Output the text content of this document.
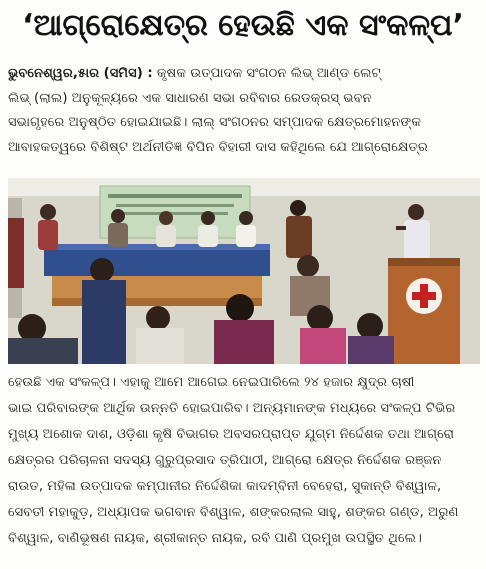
‘ଆଗ୍ରୋକ୍ଷେତ୍ର ହେଉଛି ଏକ ସଂକଳ୍ପ’
ଭୁବନେଶ୍ୱର,୫ାର (ସମିସ) : କୃଷକ ଉତ୍ପାଦକ ସଂଗଠନ ଲିଭ୍ ଆଣ୍ଡ ଲେଟ୍
ଲିଭ୍ (ଲାଲ) ଅନୁକୂଳ୍ୟରେ ଏକ ସାଧାରଣ ସଭା ରବିବାର ରେଡକ୍ରସ୍ ଭବନ
ସଭାଗୃହରେ ଅନୁଷ୍ଠିତ ହୋଇଯାଇଛି। ଲାଲ୍ ସଂଗଠନର ସମ୍ପାଦକ କ୍ଷେତ୍ରମୋହନଙ୍କ
ଆବାହକତ୍ୱରେ ବିଶିଷ୍ଟ ଅର୍ଥନୀତିଜ୍ଞ ବିପିନ ବିହାରୀ ଦାସ କହିଥିଲେ ଯେ ଆଗ୍ରୋକ୍ଷେତ୍ର
ହେଉଛି ଏକ ସଂକଳ୍ପ। ଏହାକୁ ଆମେ ଆଗେଇ ନେଇପାରିଲେ ୨୪ ହଜାର କ୍ଷୁଦ୍ର ଚାଷୀ
ଭାଇ ପରିବାରଙ୍କ ଆର୍ଥିକ ଉନ୍ନତି ହୋଇପାରିବ। ଅନ୍ୟମାନଙ୍କ ମଧ୍ୟରେ ସଂକଳ୍ପ ଟିଭିର
ମୁଖ୍ୟ ଅଶୋକ ଦାଶ, ଓଡ଼ିଶା କୃଷି ବିଭାଗର ଅବସରପ୍ରାପ୍ତ ଯୁଗ୍ମ ନିର୍ଦ୍ଦେଶକ ତଥା ଆଗ୍ରୋ
କ୍ଷେତ୍ରର ପରିଚାଳନା ସଦସ୍ୟ ଗୁରୁପ୍ରସାଦ ତ୍ରିପାଠୀ, ଆଗ୍ରୋ କ୍ଷେତ୍ର ନିର୍ଦ୍ଦେଶକ ରଞ୍ଜନ
ରାଉତ, ମହିଳା ଉତ୍ପାଦକ କମ୍ପାନୀର ନିର୍ଦ୍ଦେଶିକା କାଦମ୍ବିନୀ ବେହେରା, ସୁକାନ୍ତି ବିଶ୍ୱାଳ,
ସେବତୀ ମହାକୁଡ଼, ଅଧ୍ୟାପକ ଭଗବାନ ବିଶ୍ୱାଳ, ଶଙ୍କରଲାଲ ସାହୁ, ଶଙ୍କର ଗଣ୍ଡ, ଅରୁଣ
ବିଶ୍ୱାଳ, ବାଣିଭୂଷଣ ନାୟକ, ଶ୍ରୀକାନ୍ତ ନାୟକ, ରବି ପାଣି ପ୍ରମୁଖ ଉପସ୍ଥିତ ଥିଲେ।
